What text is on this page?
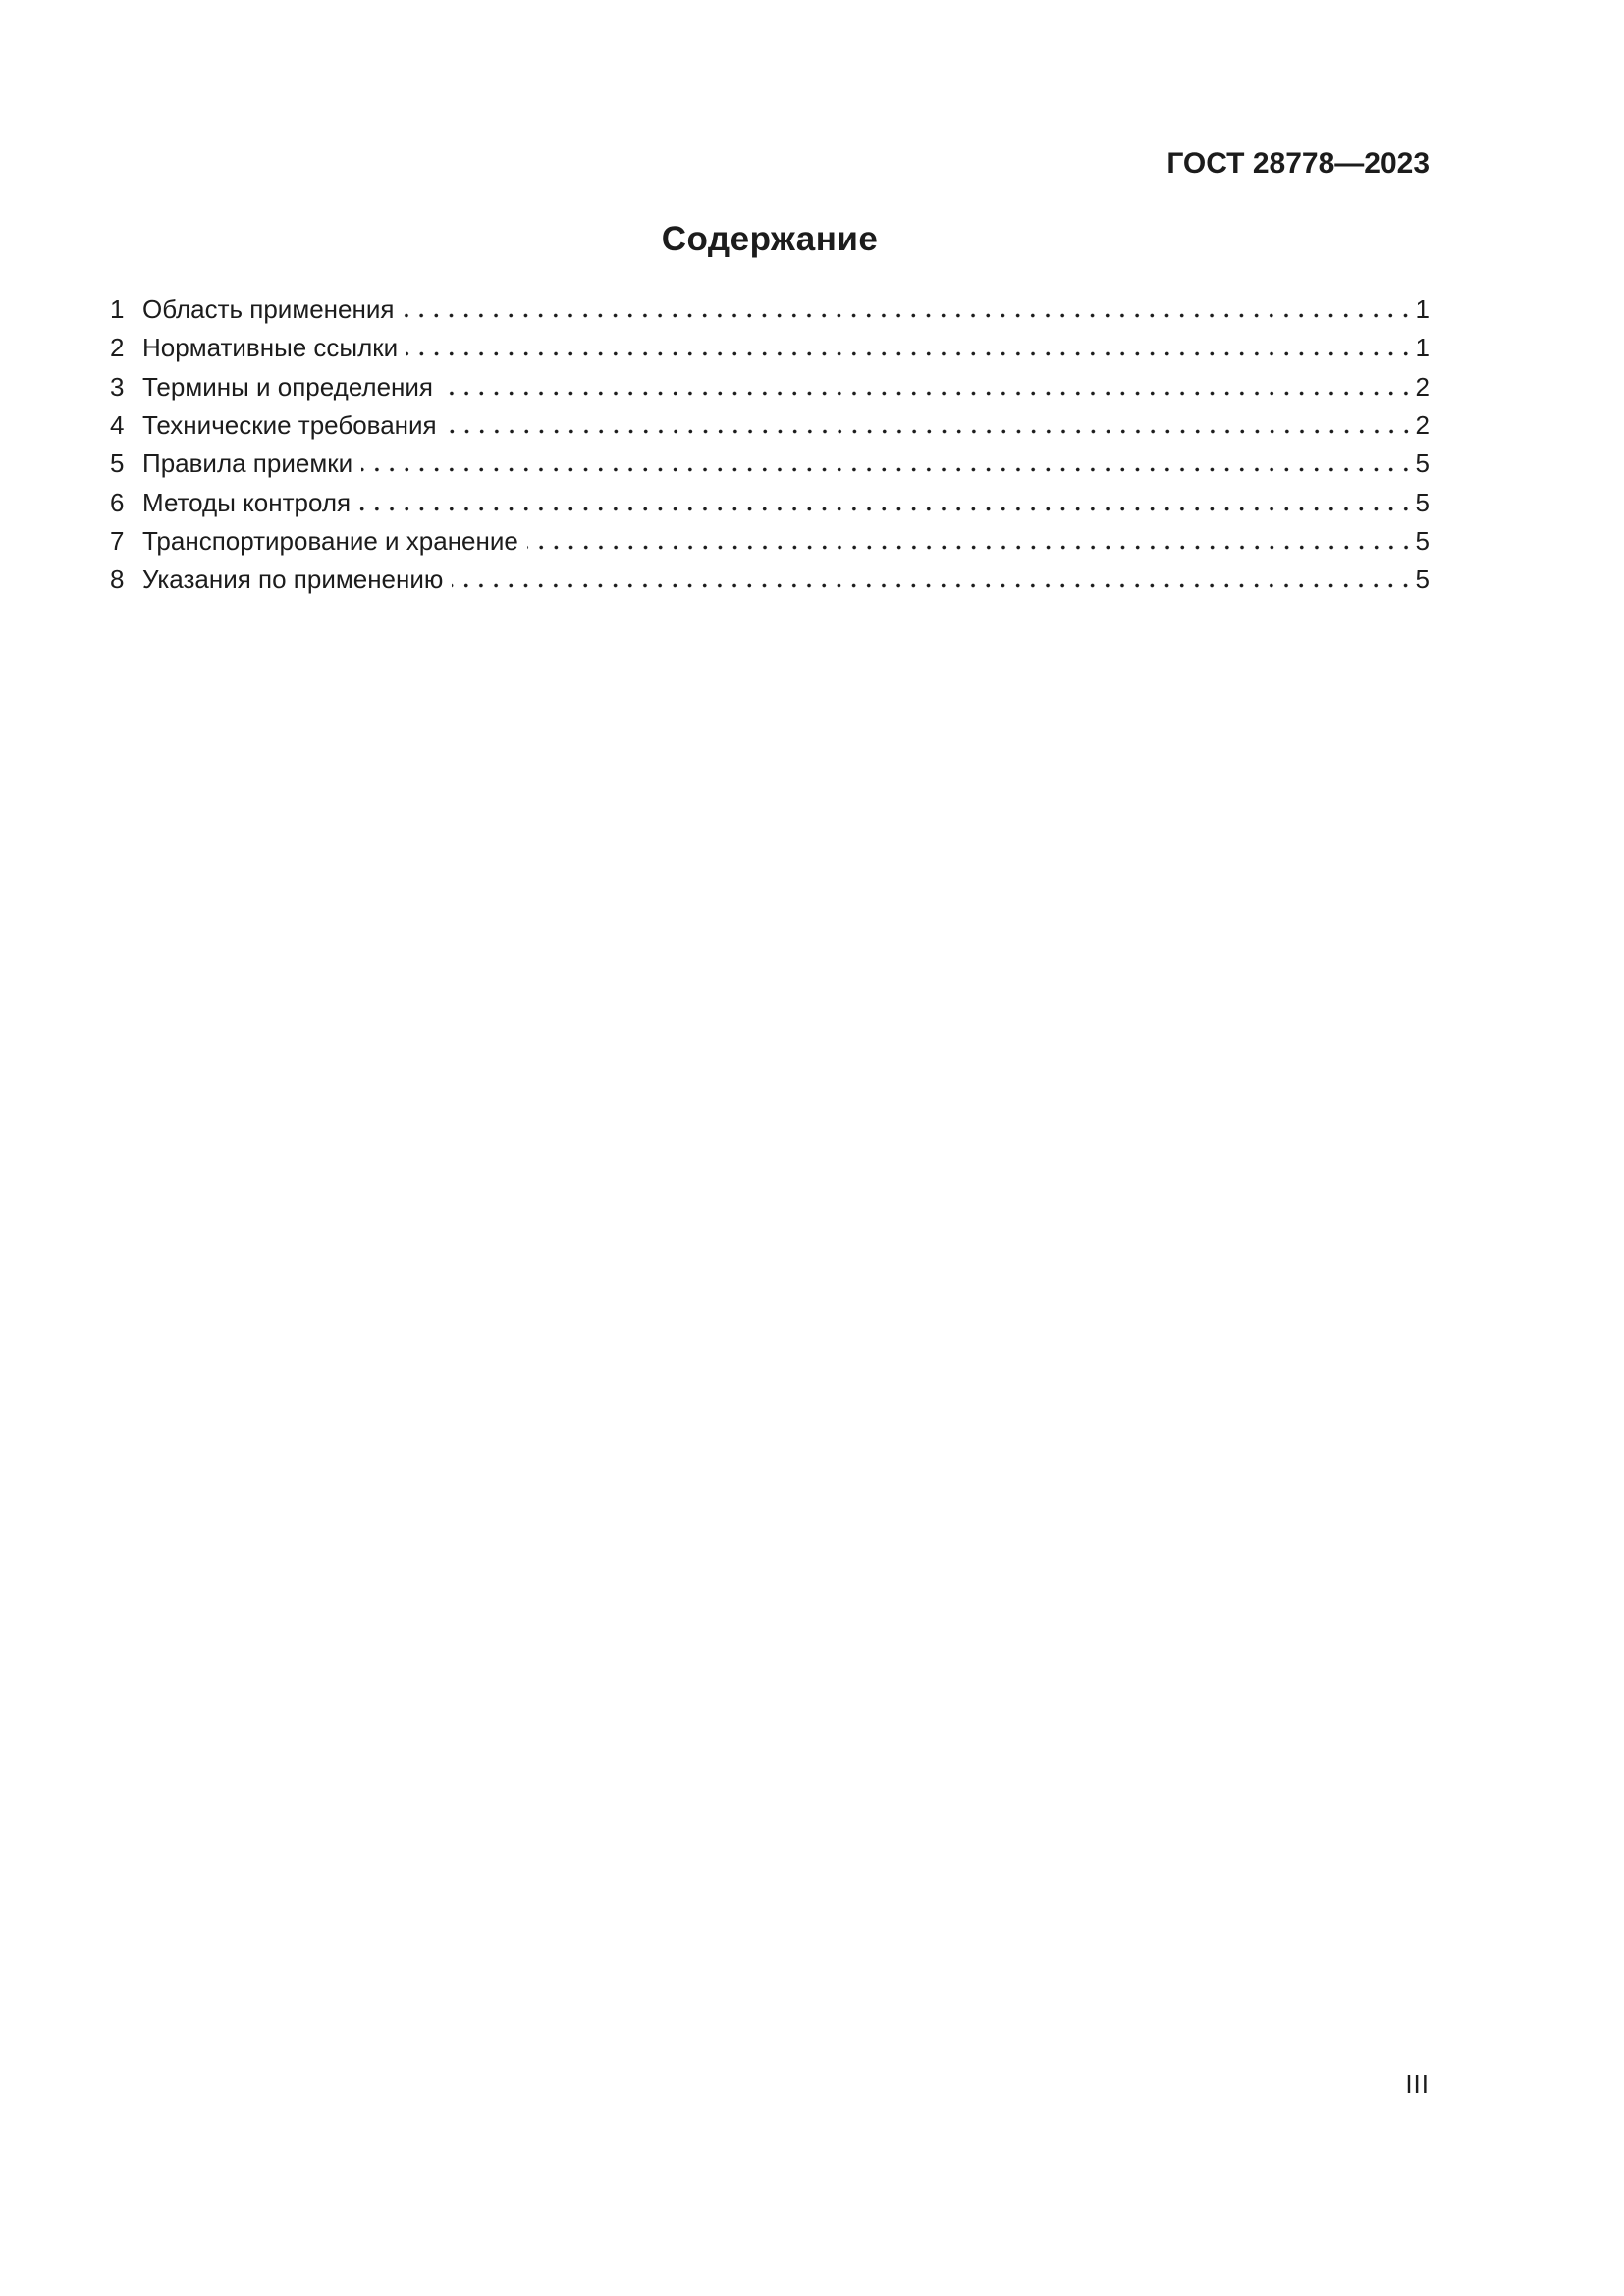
ГОСТ 28778—2023
Содержание
1 Область применения	1
2 Нормативные ссылки	1
3 Термины и определения	2
4 Технические требования	2
5 Правила приемки	5
6 Методы контроля	5
7 Транспортирование и хранение	5
8 Указания по применению	5
III
